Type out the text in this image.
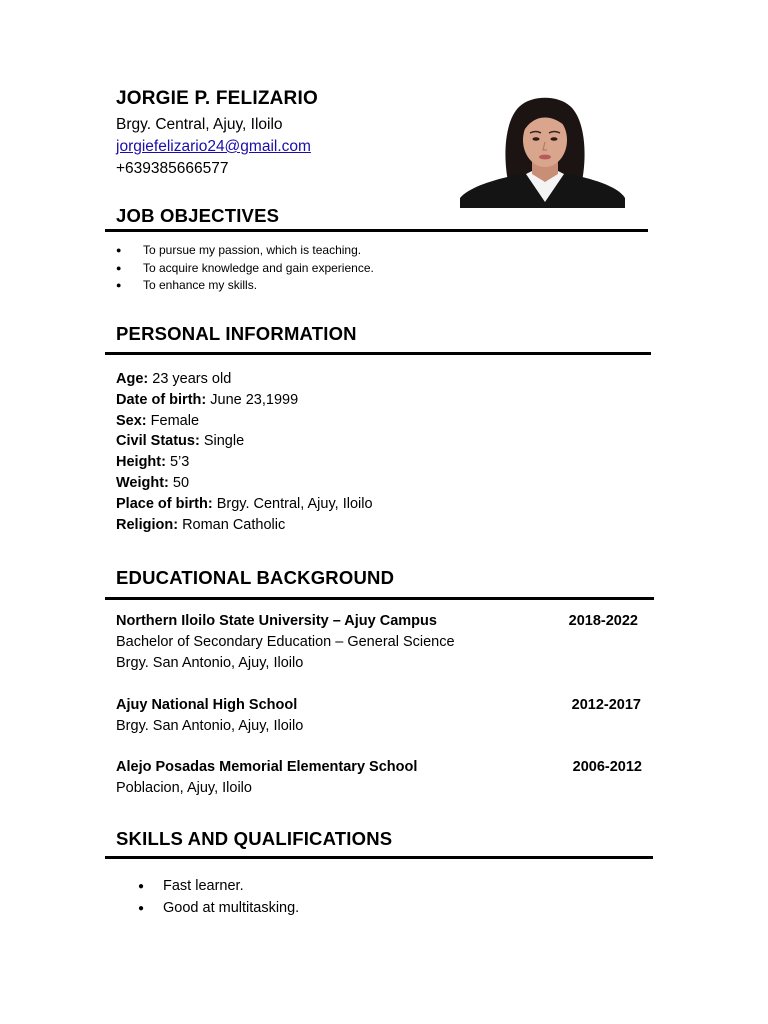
JORGIE P. FELIZARIO
Brgy. Central, Ajuy, Iloilo
jorgiefelizario24@gmail.com
+639385666577
JOB OBJECTIVES
● To pursue my passion, which is teaching.
● To acquire knowledge and gain experience.
● To enhance my skills.
PERSONAL INFORMATION
Age: 23 years old
Date of birth: June 23,1999
Sex: Female
Civil Status: Single
Height: 5’3
Weight: 50
Place of birth: Brgy. Central, Ajuy, Iloilo
Religion: Roman Catholic
EDUCATIONAL BACKGROUND
Northern Iloilo State University – Ajuy Campus	2018-2022
Bachelor of Secondary Education – General Science
Brgy. San Antonio, Ajuy, Iloilo
Ajuy National High School	2012-2017
Brgy. San Antonio, Ajuy, Iloilo
Alejo Posadas Memorial Elementary School	2006-2012
Poblacion, Ajuy, Iloilo
SKILLS AND QUALIFICATIONS
● Fast learner.
● Good at multitasking.
